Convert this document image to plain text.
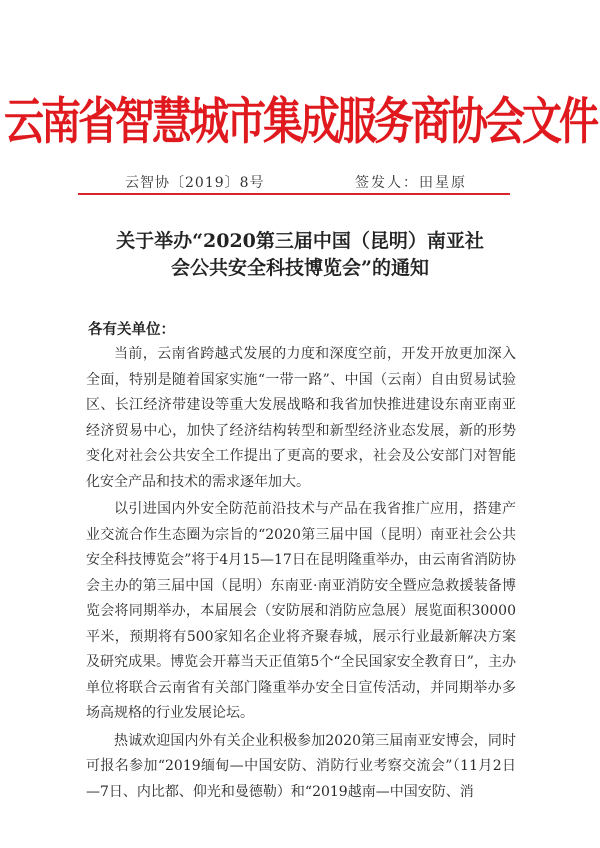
云南省智慧城市集成服务商协会文件
云智协〔2019〕8号	签发人：田星原
关于举办“2020第三届中国（昆明）南亚社
会公共安全科技博览会”的通知
各有关单位：

当前，云南省跨越式发展的力度和深度空前，开发开放更加深入全面，特别是随着国家实施“一带一路”、中国（云南）自由贸易试验区、长江经济带建设等重大发展战略和我省加快推进建设东南亚南亚经济贸易中心，加快了经济结构转型和新型经济业态发展，新的形势变化对社会公共安全工作提出了更高的要求，社会及公安部门对智能化安全产品和技术的需求逐年加大。

以引进国内外安全防范前沿技术与产品在我省推广应用，搭建产业交流合作生态圈为宗旨的“2020第三届中国（昆明）南亚社会公共安全科技博览会”将于4月15—17日在昆明隆重举办，由云南省消防协会主办的第三届中国（昆明）东南亚·南亚消防安全暨应急救援装备博览会将同期举办，本届展会（安防展和消防应急展）展览面积30000平米，预期将有500家知名企业将齐聚春城，展示行业最新解决方案及研究成果。博览会开幕当天正值第5个“全民国家安全教育日”，主办单位将联合云南省有关部门隆重举办安全日宣传活动，并同期举办多场高规格的行业发展论坛。

热诚欢迎国内外有关企业积极参加2020第三届南亚安博会，同时可报名参加“2019缅甸—中国安防、消防行业考察交流会”（11月2日—7日、内比都、仰光和曼德勒）和“2019越南—中国安防、消
